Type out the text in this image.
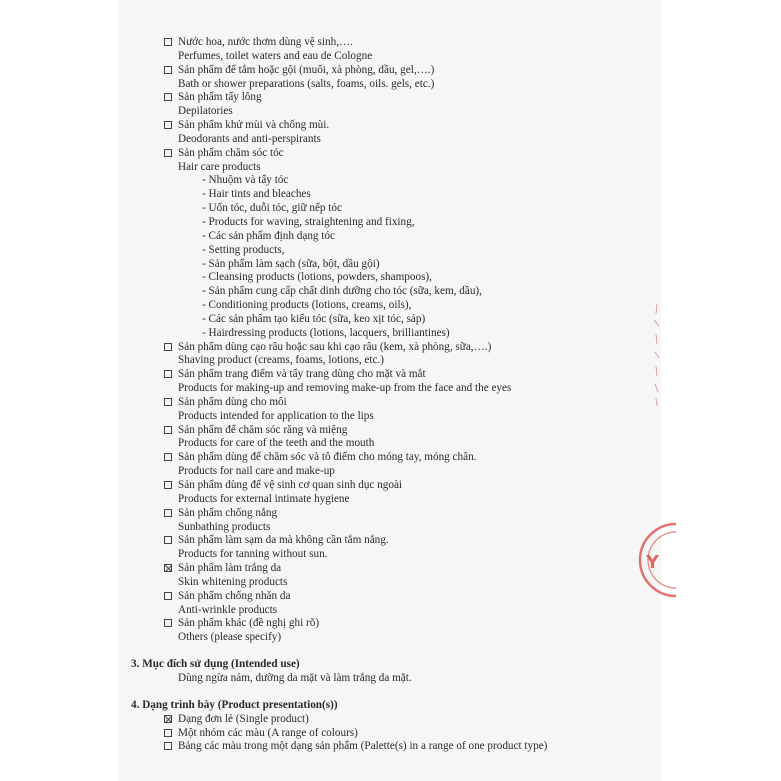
Nước hoa, nước thơm dùng vệ sinh,….
Perfumes, toilet waters and eau de Cologne
Sản phẩm để tắm hoặc gội (muối, xà phòng, dầu, gel,….)
Bath or shower preparations (salts, foams, oils. gels, etc.)
Sản phẩm tẩy lông
Depilatories
Sản phẩm khử mùi và chống mùi.
Deodorants and anti-perspirants
Sản phẩm chăm sóc tóc
Hair care products
- Nhuộm và tẩy tóc
- Hair tints and bleaches
- Uốn tóc, duỗi tóc, giữ nếp tóc
- Products for waving, straightening and fixing,
- Các sản phẩm định dạng tóc
- Setting products,
- Sản phẩm làm sạch (sữa, bột, dầu gội)
- Cleansing products (lotions, powders, shampoos),
- Sản phẩm cung cấp chất dinh dưỡng cho tóc (sữa, kem, dầu),
- Conditioning products (lotions, creams, oils),
- Các sản phẩm tạo kiểu tóc (sữa, keo xịt tóc, sáp)
- Hairdressing products (lotions, lacquers, brilliantines)
Sản phẩm dùng cạo râu hoặc sau khi cạo râu (kem, xà phòng, sữa,….)
Shaving product (creams, foams, lotions, etc.)
Sản phẩm trang điểm và tẩy trang dùng cho mặt và mắt
Products for making-up and removing make-up from the face and the eyes
Sản phẩm dùng cho môi
Products intended for application to the lips
Sản phẩm để chăm sóc răng và miệng
Products for care of the teeth and the mouth
Sản phẩm dùng để chăm sóc và tô điểm cho móng tay, móng chân.
Products for nail care and make-up
Sản phẩm dùng để vệ sinh cơ quan sinh dục ngoài
Products for external intimate hygiene
Sản phẩm chống nắng
Sunbathing products
Sản phẩm làm sạm da mà không cần tắm nắng.
Products for tanning without sun.
Sản phẩm làm trắng da
Skin whitening products
Sản phẩm chống nhăn da
Anti-wrinkle products
Sản phẩm khác (đề nghị ghi rõ)
Others (please specify)
3. Mục đích sử dụng (Intended use)
Dùng ngừa nám, dưỡng da mặt và làm trắng da mặt.
4. Dạng trình bày (Product presentation(s))
Dạng đơn lẻ (Single product)
Một nhóm các màu (A range of colours)
Bảng các màu trong một dạng sản phẩm (Palette(s) in a range of one product type)
Y
